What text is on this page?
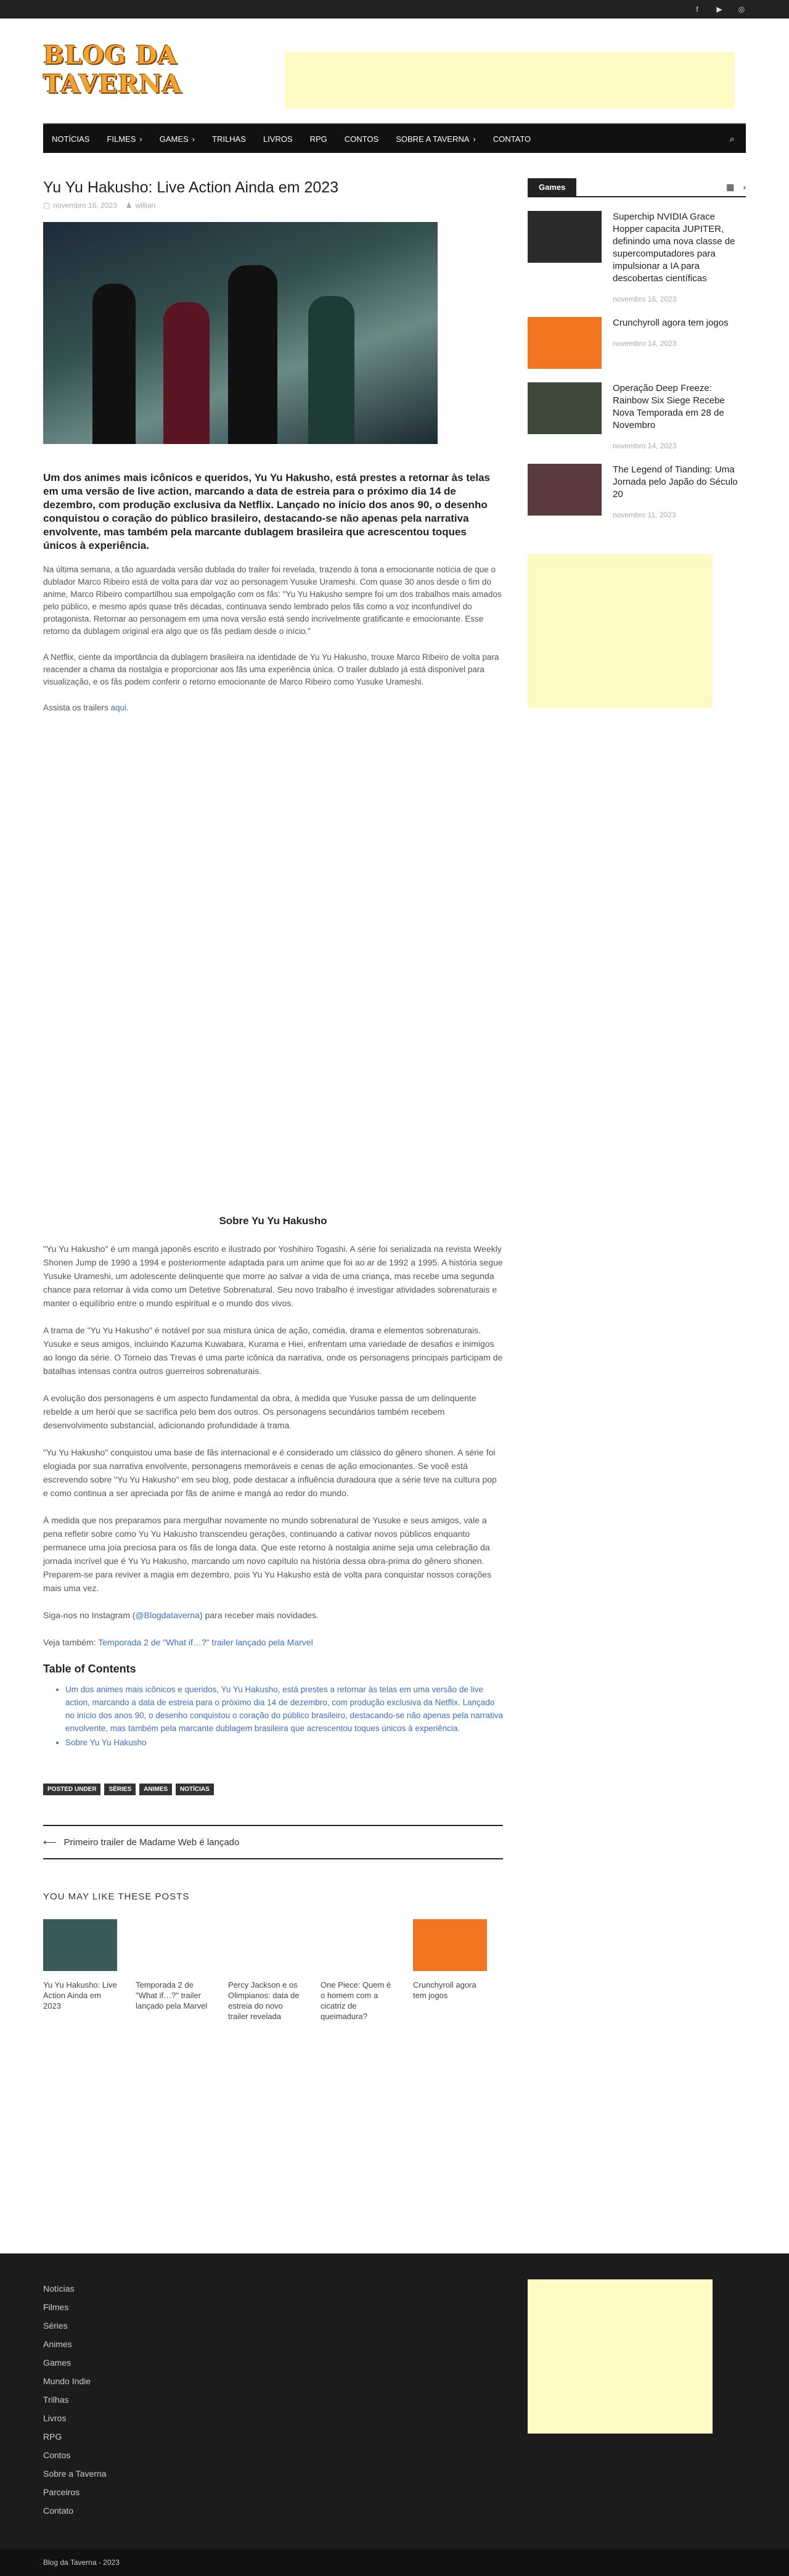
f	▶ ◎
BLOG DA TAVERNA
NOTÍCIAS FILMES › GAMES › TRILHAS LIVROS RPG CONTOS SOBRE A TAVERNA › CONTATO	⌕
Yu Yu Hakusho: Live Action Ainda em 2023
▢ novembro 16, 2023 ♟ willian

Um dos animes mais icônicos e queridos, Yu Yu Hakusho, está prestes a retornar às telas em uma versão de live action, marcando a data de estreia para o próximo dia 14 de dezembro, com produção exclusiva da Netflix. Lançado no início dos anos 90, o desenho conquistou o coração do público brasileiro, destacando-se não apenas pela narrativa envolvente, mas também pela marcante dublagem brasileira que acrescentou toques únicos à experiência.

Na última semana, a tão aguardada versão dublada do trailer foi revelada, trazendo à tona a emocionante notícia de que o dublador Marco Ribeiro está de volta para dar voz ao personagem Yusuke Urameshi. Com quase 30 anos desde o fim do anime, Marco Ribeiro compartilhou sua empolgação com os fãs: "Yu Yu Hakusho sempre foi um dos trabalhos mais amados pelo público, e mesmo após quase três décadas, continuava sendo lembrado pelos fãs como a voz inconfundível do protagonista. Retornar ao personagem em uma nova versão está sendo incrivelmente gratificante e emocionante. Esse retorno da dublagem original era algo que os fãs pediam desde o início."

A Netflix, ciente da importância da dublagem brasileira na identidade de Yu Yu Hakusho, trouxe Marco Ribeiro de volta para reacender a chama da nostalgia e proporcionar aos fãs uma experiência única. O trailer dublado já está disponível para visualização, e os fãs podem conferir o retorno emocionante de Marco Ribeiro como Yusuke Urameshi.

Assista os trailers aqui.

Sobre Yu Yu Hakusho

"Yu Yu Hakusho" é um mangá japonês escrito e ilustrado por Yoshihiro Togashi. A série foi serializada na revista Weekly Shonen Jump de 1990 a 1994 e posteriormente adaptada para um anime que foi ao ar de 1992 a 1995. A história segue Yusuke Urameshi, um adolescente delinquente que morre ao salvar a vida de uma criança, mas recebe uma segunda chance para retornar à vida como um Detetive Sobrenatural. Seu novo trabalho é investigar atividades sobrenaturais e manter o equilíbrio entre o mundo espiritual e o mundo dos vivos.

A trama de "Yu Yu Hakusho" é notável por sua mistura única de ação, comédia, drama e elementos sobrenaturais. Yusuke e seus amigos, incluindo Kazuma Kuwabara, Kurama e Hiei, enfrentam uma variedade de desafios e inimigos ao longo da série. O Torneio das Trevas é uma parte icônica da narrativa, onde os personagens principais participam de batalhas intensas contra outros guerreiros sobrenaturais.

A evolução dos personagens é um aspecto fundamental da obra, à medida que Yusuke passa de um delinquente rebelde a um herói que se sacrifica pelo bem dos outros. Os personagens secundários também recebem desenvolvimento substancial, adicionando profundidade à trama.

"Yu Yu Hakusho" conquistou uma base de fãs internacional e é considerado um clássico do gênero shonen. A série foi elogiada por sua narrativa envolvente, personagens memoráveis e cenas de ação emocionantes. Se você está escrevendo sobre "Yu Yu Hakusho" em seu blog, pode destacar a influência duradoura que a série teve na cultura pop e como continua a ser apreciada por fãs de anime e mangá ao redor do mundo.

À medida que nos preparamos para mergulhar novamente no mundo sobrenatural de Yusuke e seus amigos, vale a pena refletir sobre como Yu Yu Hakusho transcendeu gerações, continuando a cativar novos públicos enquanto permanece uma joia preciosa para os fãs de longa data. Que este retorno à nostalgia anime seja uma celebração da jornada incrível que é Yu Yu Hakusho, marcando um novo capítulo na história dessa obra-prima do gênero shonen. Preparem-se para reviver a magia em dezembro, pois Yu Yu Hakusho está de volta para conquistar nossos corações mais uma vez.

Siga-nos no Instagram (@Blogdataverna) para receber mais novidades.

Veja também: Temporada 2 de "What if…?" trailer lançado pela Marvel

Table of Contents
• Um dos animes mais icônicos e queridos, Yu Yu Hakusho, está prestes a retornar às telas em uma versão de live action, marcando a data de estreia para o próximo dia 14 de dezembro, com produção exclusiva da Netflix. Lançado no início dos anos 90, o desenho conquistou o coração do público brasileiro, destacando-se não apenas pela narrativa envolvente, mas também pela marcante dublagem brasileira que acrescentou toques únicos à experiência.
• Sobre Yu Yu Hakusho
POSTED UNDER	SÉRIES	ANIMES	NOTÍCIAS
⟵ Primeiro trailer de Madame Web é lançado
YOU MAY LIKE THESE POSTS
Yu Yu Hakusho: Live Action Ainda em 2023
Temporada 2 de "What if…?" trailer lançado pela Marvel
Percy Jackson e os Olimpianos: data de estreia do novo trailer revelada
One Piece: Quem é o homem com a cicatriz de queimadura?
Crunchyroll agora tem jogos
Games	▦ ›
Superchip NVIDIA Grace Hopper capacita JUPITER, definindo uma nova classe de supercomputadores para impulsionar a IA para descobertas científicas
novembro 16, 2023
Crunchyroll agora tem jogos
novembro 14, 2023
Operação Deep Freeze: Rainbow Six Siege Recebe Nova Temporada em 28 de Novembro
novembro 14, 2023
The Legend of Tianding: Uma Jornada pelo Japão do Século 20
novembro 11, 2023
Notícias
Filmes
Séries
Animes
Games
Mundo Indie
Trilhas
Livros
RPG
Contos
Sobre a Taverna
Parceiros
Contato
Blog da Taverna - 2023
